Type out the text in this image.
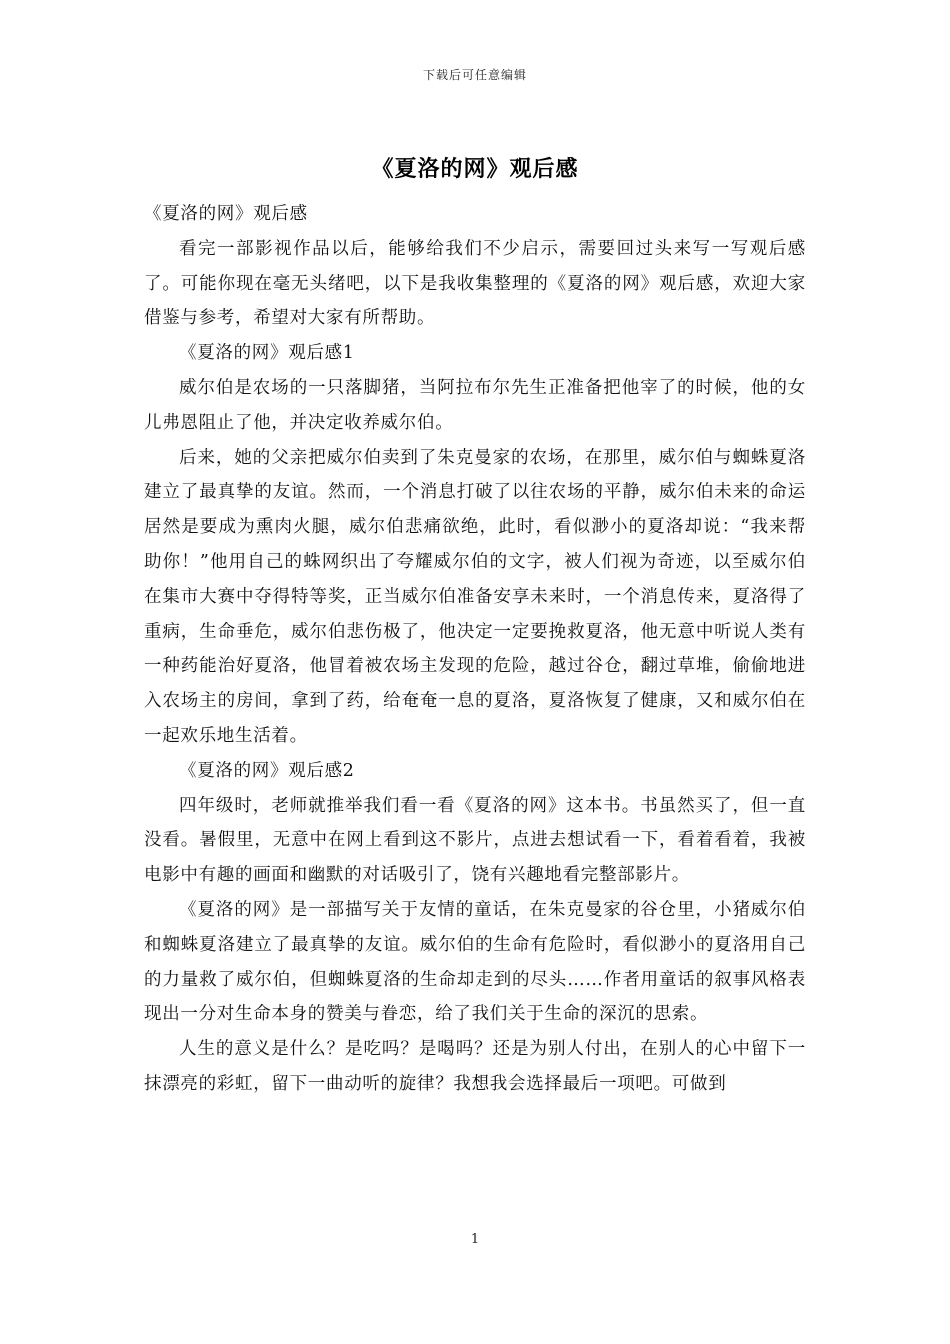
下载后可任意编辑
《夏洛的网》观后感

《夏洛的网》观后感

看完一部影视作品以后，能够给我们不少启示，需要回过头来写一写观后感了。可能你现在毫无头绪吧，以下是我收集整理的《夏洛的网》观后感，欢迎大家借鉴与参考，希望对大家有所帮助。

《夏洛的网》观后感1

威尔伯是农场的一只落脚猪，当阿拉布尔先生正准备把他宰了的时候，他的女儿弗恩阻止了他，并决定收养威尔伯。

后来，她的父亲把威尔伯卖到了朱克曼家的农场，在那里，威尔伯与蜘蛛夏洛建立了最真挚的友谊。然而，一个消息打破了以往农场的平静，威尔伯未来的命运居然是要成为熏肉火腿，威尔伯悲痛欲绝，此时，看似渺小的夏洛却说：“我来帮助你！”他用自己的蛛网织出了夸耀威尔伯的文字，被人们视为奇迹，以至威尔伯在集市大赛中夺得特等奖，正当威尔伯准备安享未来时，一个消息传来，夏洛得了重病，生命垂危，威尔伯悲伤极了，他决定一定要挽救夏洛，他无意中听说人类有一种药能治好夏洛，他冒着被农场主发现的危险，越过谷仓，翻过草堆，偷偷地进入农场主的房间，拿到了药，给奄奄一息的夏洛，夏洛恢复了健康，又和威尔伯在一起欢乐地生活着。

《夏洛的网》观后感2

四年级时，老师就推举我们看一看《夏洛的网》这本书。书虽然买了，但一直没看。暑假里，无意中在网上看到这不影片，点进去想试看一下，看着看着，我被电影中有趣的画面和幽默的对话吸引了，饶有兴趣地看完整部影片。

《夏洛的网》是一部描写关于友情的童话，在朱克曼家的谷仓里，小猪威尔伯和蜘蛛夏洛建立了最真挚的友谊。威尔伯的生命有危险时，看似渺小的夏洛用自己的力量救了威尔伯，但蜘蛛夏洛的生命却走到的尽头……作者用童话的叙事风格表现出一分对生命本身的赞美与眷恋，给了我们关于生命的深沉的思索。

人生的意义是什么？是吃吗？是喝吗？还是为别人付出，在别人的心中留下一抹漂亮的彩虹，留下一曲动听的旋律？我想我会选择最后一项吧。可做到

1
